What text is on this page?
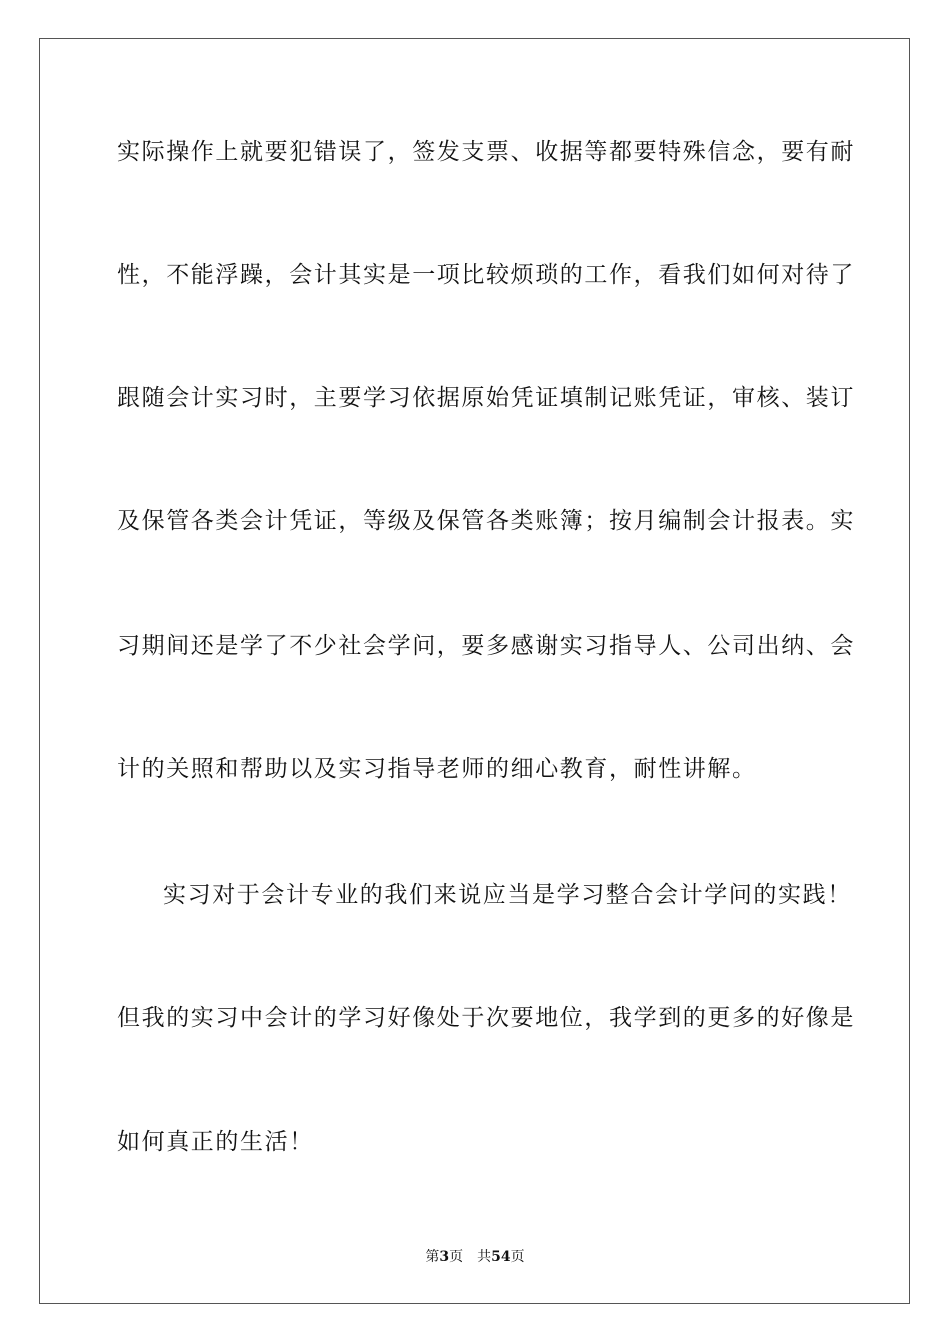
实际操作上就要犯错误了，签发支票、收据等都要特殊信念，要有耐
性，不能浮躁，会计其实是一项比较烦琐的工作，看我们如何对待了
跟随会计实习时，主要学习依据原始凭证填制记账凭证，审核、装订
及保管各类会计凭证，等级及保管各类账簿；按月编制会计报表。实
习期间还是学了不少社会学问，要多感谢实习指导人、公司出纳、会
计的关照和帮助以及实习指导老师的细心教育，耐性讲解。
实习对于会计专业的我们来说应当是学习整合会计学问的实践！
但我的实习中会计的学习好像处于次要地位，我学到的更多的好像是
如何真正的生活！
第3页 共54页
